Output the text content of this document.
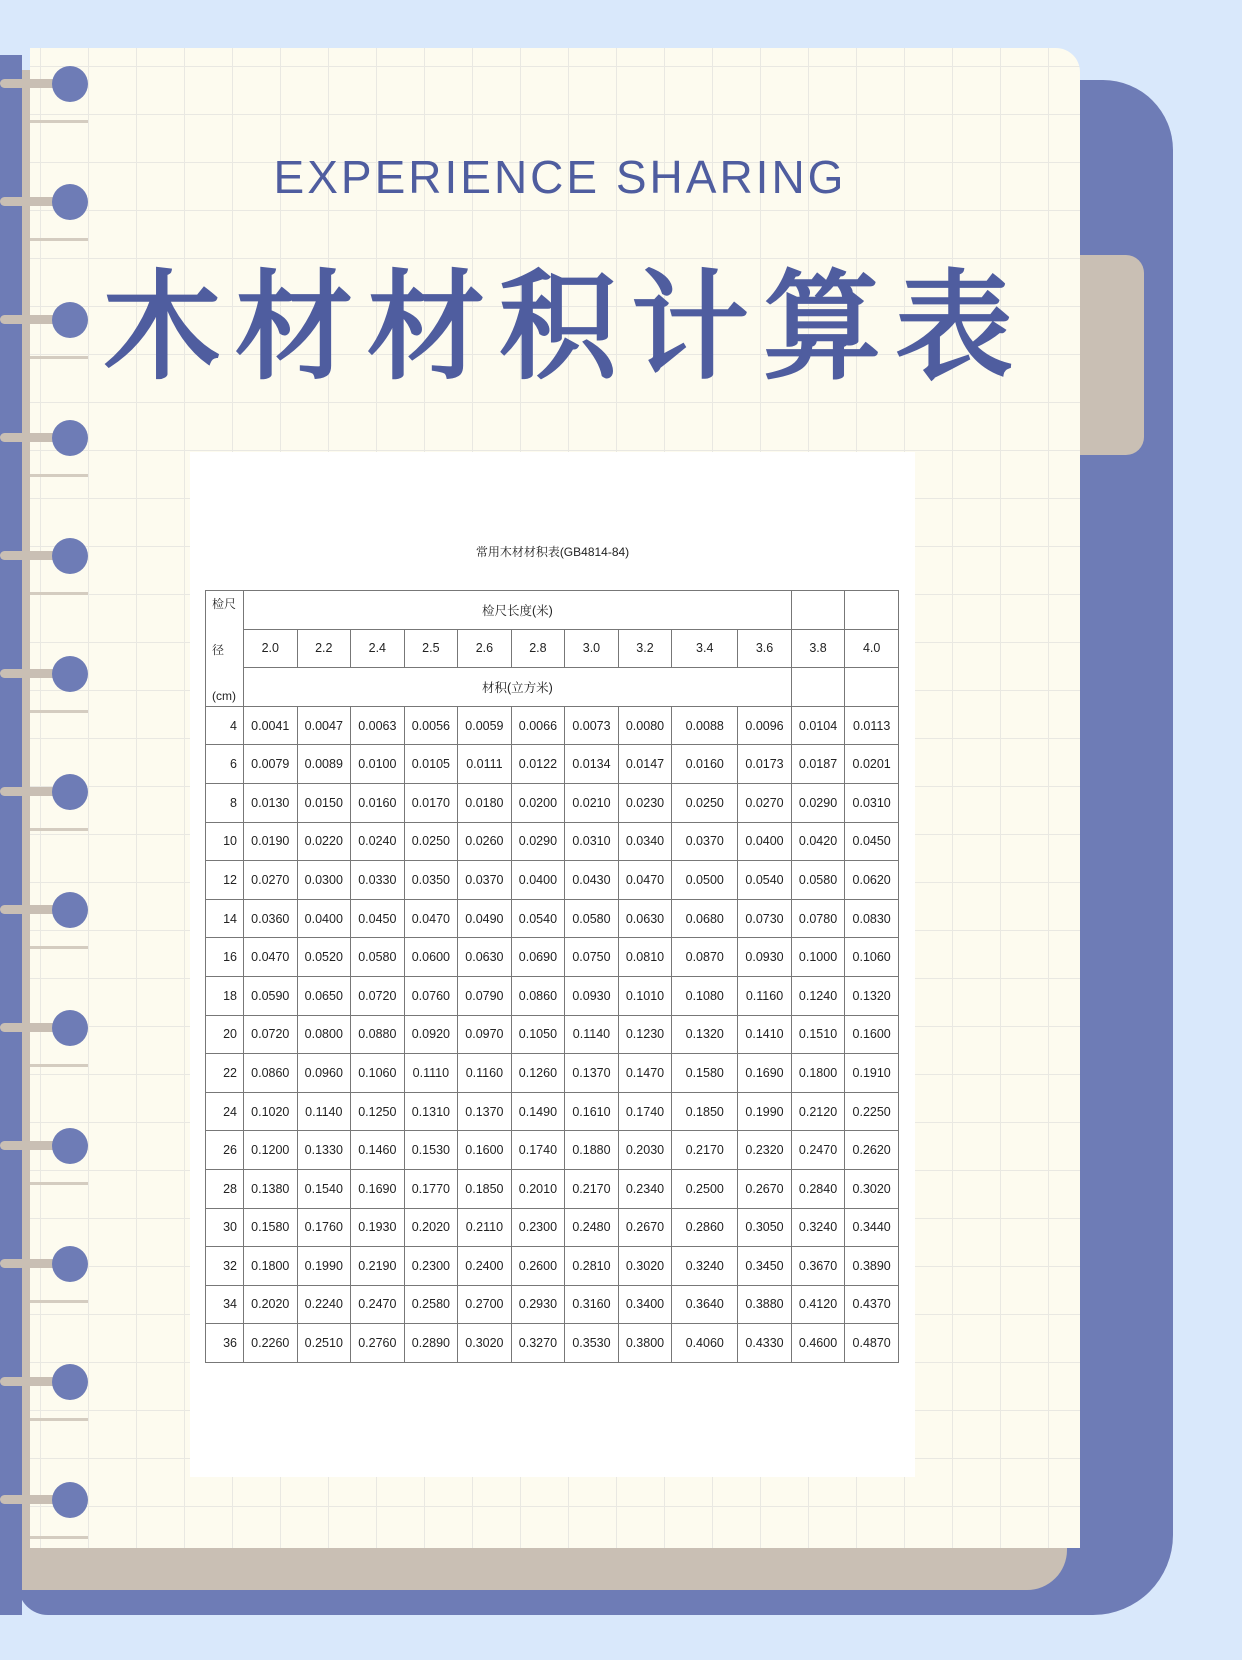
EXPERIENCE SHARING
木材材积计算表
常用木材材积表(GB4814-84)
检尺
径
(cm)	检尺长度(米)											
	2.0	2.2	2.4	2.5	2.6	2.8	3.0	3.2	3.4	3.6	3.8	4.0
	材积(立方米)											
4	0.0041	0.0047	0.0063	0.0056	0.0059	0.0066	0.0073	0.0080	0.0088	0.0096	0.0104	0.0113
6	0.0079	0.0089	0.0100	0.0105	0.0111	0.0122	0.0134	0.0147	0.0160	0.0173	0.0187	0.0201
8	0.0130	0.0150	0.0160	0.0170	0.0180	0.0200	0.0210	0.0230	0.0250	0.0270	0.0290	0.0310
10	0.0190	0.0220	0.0240	0.0250	0.0260	0.0290	0.0310	0.0340	0.0370	0.0400	0.0420	0.0450
12	0.0270	0.0300	0.0330	0.0350	0.0370	0.0400	0.0430	0.0470	0.0500	0.0540	0.0580	0.0620
14	0.0360	0.0400	0.0450	0.0470	0.0490	0.0540	0.0580	0.0630	0.0680	0.0730	0.0780	0.0830
16	0.0470	0.0520	0.0580	0.0600	0.0630	0.0690	0.0750	0.0810	0.0870	0.0930	0.1000	0.1060
18	0.0590	0.0650	0.0720	0.0760	0.0790	0.0860	0.0930	0.1010	0.1080	0.1160	0.1240	0.1320
20	0.0720	0.0800	0.0880	0.0920	0.0970	0.1050	0.1140	0.1230	0.1320	0.1410	0.1510	0.1600
22	0.0860	0.0960	0.1060	0.1110	0.1160	0.1260	0.1370	0.1470	0.1580	0.1690	0.1800	0.1910
24	0.1020	0.1140	0.1250	0.1310	0.1370	0.1490	0.1610	0.1740	0.1850	0.1990	0.2120	0.2250
26	0.1200	0.1330	0.1460	0.1530	0.1600	0.1740	0.1880	0.2030	0.2170	0.2320	0.2470	0.2620
28	0.1380	0.1540	0.1690	0.1770	0.1850	0.2010	0.2170	0.2340	0.2500	0.2670	0.2840	0.3020
30	0.1580	0.1760	0.1930	0.2020	0.2110	0.2300	0.2480	0.2670	0.2860	0.3050	0.3240	0.3440
32	0.1800	0.1990	0.2190	0.2300	0.2400	0.2600	0.2810	0.3020	0.3240	0.3450	0.3670	0.3890
34	0.2020	0.2240	0.2470	0.2580	0.2700	0.2930	0.3160	0.3400	0.3640	0.3880	0.4120	0.4370
36	0.2260	0.2510	0.2760	0.2890	0.3020	0.3270	0.3530	0.3800	0.4060	0.4330	0.4600	0.4870
